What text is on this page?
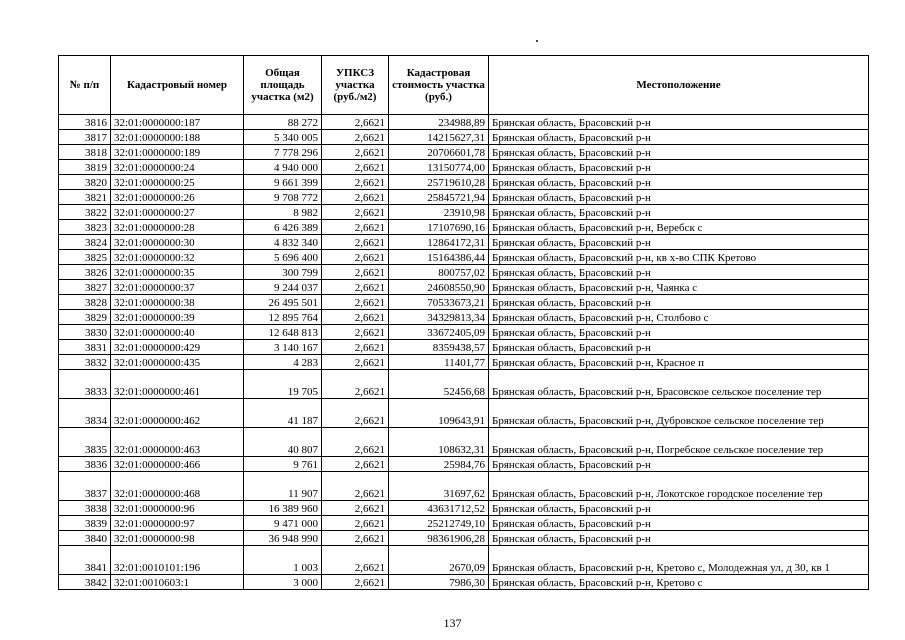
№ п/п	Кадастровый номер	Общая площадь участка (м2)	УПКСЗ участка (руб./м2)	Кадастровая стоимость участка (руб.)	Местоположение
3816	32:01:0000000:187	88 272	2,6621	234988,89	Брянская область, Брасовский р-н
3817	32:01:0000000:188	5 340 005	2,6621	14215627,31	Брянская область, Брасовский р-н
3818	32:01:0000000:189	7 778 296	2,6621	20706601,78	Брянская область, Брасовский р-н
3819	32:01:0000000:24	4 940 000	2,6621	13150774,00	Брянская область, Брасовский р-н
3820	32:01:0000000:25	9 661 399	2,6621	25719610,28	Брянская область, Брасовский р-н
3821	32:01:0000000:26	9 708 772	2,6621	25845721,94	Брянская область, Брасовский р-н
3822	32:01:0000000:27	8 982	2,6621	23910,98	Брянская область, Брасовский р-н
3823	32:01:0000000:28	6 426 389	2,6621	17107690,16	Брянская область, Брасовский р-н, Веребск с
3824	32:01:0000000:30	4 832 340	2,6621	12864172,31	Брянская область, Брасовский р-н
3825	32:01:0000000:32	5 696 400	2,6621	15164386,44	Брянская область, Брасовский р-н, кв х-во СПК Кретово
3826	32:01:0000000:35	300 799	2,6621	800757,02	Брянская область, Брасовский р-н
3827	32:01:0000000:37	9 244 037	2,6621	24608550,90	Брянская область, Брасовский р-н, Чаянка с
3828	32:01:0000000:38	26 495 501	2,6621	70533673,21	Брянская область, Брасовский р-н
3829	32:01:0000000:39	12 895 764	2,6621	34329813,34	Брянская область, Брасовский р-н, Столбово с
3830	32:01:0000000:40	12 648 813	2,6621	33672405,09	Брянская область, Брасовский р-н
3831	32:01:0000000:429	3 140 167	2,6621	8359438,57	Брянская область, Брасовский р-н
3832	32:01:0000000:435	4 283	2,6621	11401,77	Брянская область, Брасовский р-н, Красное п
3833	32:01:0000000:461	19 705	2,6621	52456,68	Брянская область, Брасовский р-н, Брасовское сельское поселение тер
3834	32:01:0000000:462	41 187	2,6621	109643,91	Брянская область, Брасовский р-н, Дубровское сельское поселение тер
3835	32:01:0000000:463	40 807	2,6621	108632,31	Брянская область, Брасовский р-н, Погребское сельское поселение тер
3836	32:01:0000000:466	9 761	2,6621	25984,76	Брянская область, Брасовский р-н
3837	32:01:0000000:468	11 907	2,6621	31697,62	Брянская область, Брасовский р-н, Локотское городское поселение тер
3838	32:01:0000000:96	16 389 960	2,6621	43631712,52	Брянская область, Брасовский р-н
3839	32:01:0000000:97	9 471 000	2,6621	25212749,10	Брянская область, Брасовский р-н
3840	32:01:0000000:98	36 948 990	2,6621	98361906,28	Брянская область, Брасовский р-н
3841	32:01:0010101:196	1 003	2,6621	2670,09	Брянская область, Брасовский р-н, Кретово с, Молодежная ул, д 30, кв 1
3842	32:01:0010603:1	3 000	2,6621	7986,30	Брянская область, Брасовский р-н, Кретово с
137
